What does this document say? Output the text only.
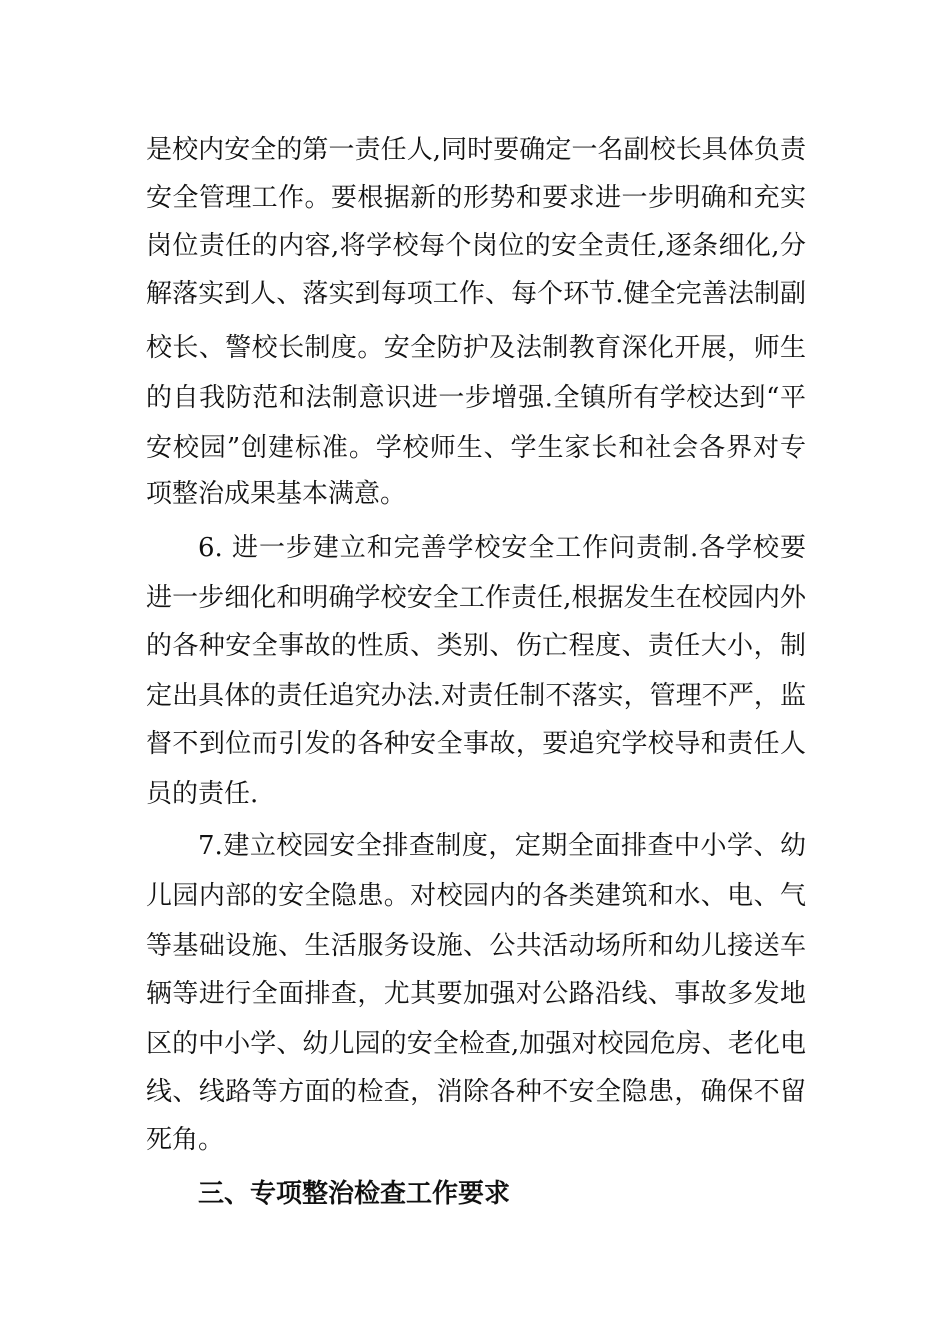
是校内安全的第一责任人,同时要确定一名副校长具体负责
安全管理工作。要根据新的形势和要求进一步明确和充实
岗位责任的内容,将学校每个岗位的安全责任,逐条细化,分
解落实到人、落实到每项工作、每个环节.健全完善法制副
校长、警校长制度。安全防护及法制教育深化开展，师生
的自我防范和法制意识进一步增强.全镇所有学校达到“平
安校园”创建标准。学校师生、学生家长和社会各界对专
项整治成果基本满意。
6. 进一步建立和完善学校安全工作问责制.各学校要
进一步细化和明确学校安全工作责任,根据发生在校园内外
的各种安全事故的性质、类别、伤亡程度、责任大小，制
定出具体的责任追究办法.对责任制不落实，管理不严，监
督不到位而引发的各种安全事故，要追究学校导和责任人
员的责任.
7.建立校园安全排查制度，定期全面排查中小学、幼
儿园内部的安全隐患。对校园内的各类建筑和水、电、气
等基础设施、生活服务设施、公共活动场所和幼儿接送车
辆等进行全面排查，尤其要加强对公路沿线、事故多发地
区的中小学、幼儿园的安全检查,加强对校园危房、老化电
线、线路等方面的检查，消除各种不安全隐患，确保不留
死角。
三、专项整治检查工作要求
